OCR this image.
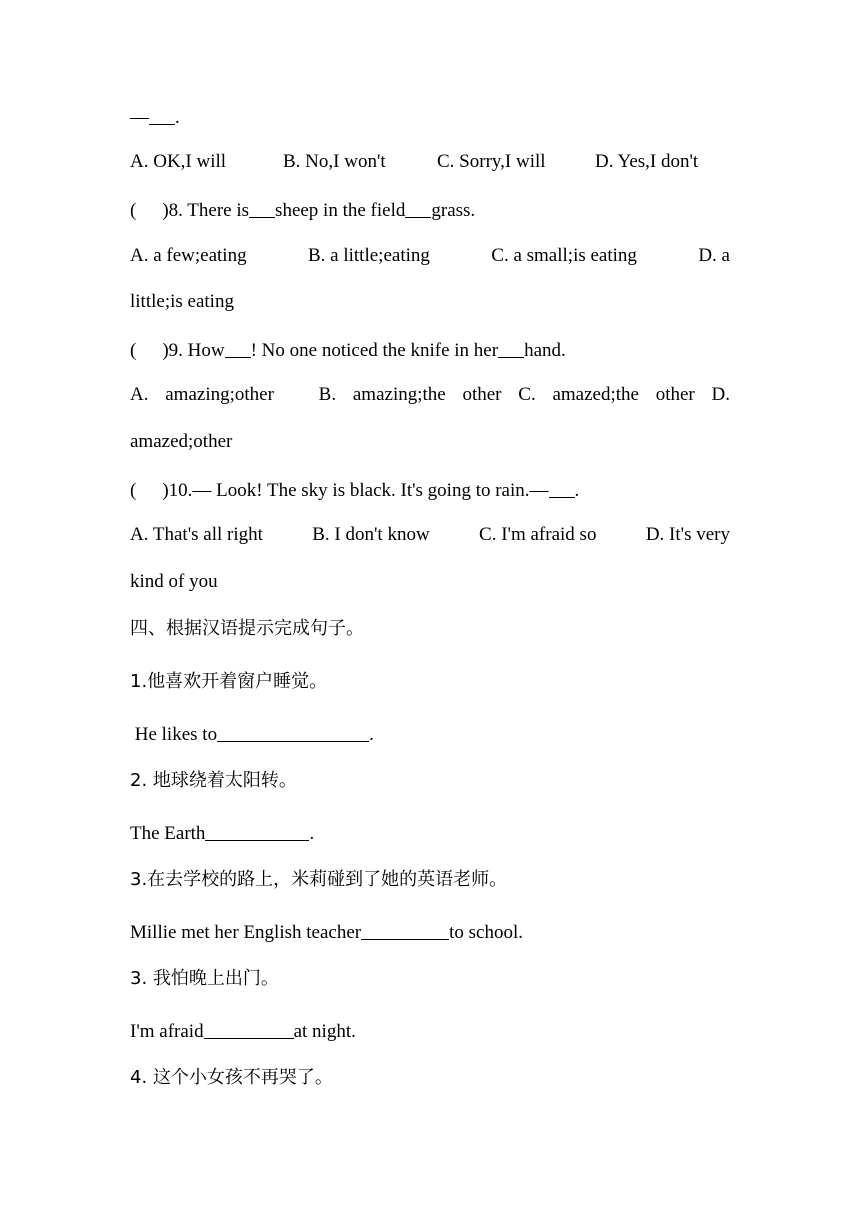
— .
A. OK,I will	B. No,I won't	C. Sorry,I will	D. Yes,I don't
( )8. There is sheep in the field grass.
A. a few;eating	B. a little;eating	C. a small;is eating	D. a
little;is eating
( )9. How ! No one noticed the knife in her hand.
A. amazing;other B. amazing;the other C. amazed;the other D.
amazed;other
( )10.— Look! The sky is black. It's going to rain.— .
A. That's all right	B. I don't know	C. I'm afraid so	D. It's very
kind of you
四、根据汉语提示完成句子。
1.他喜欢开着窗户睡觉。
He likes to	.
2. 地球绕着太阳转。
The Earth	.
3.在去学校的路上，米莉碰到了她的英语老师。
Millie met her English teacher	to school.
3. 我怕晚上出门。
I'm afraid	at night.
4. 这个小女孩不再哭了。
